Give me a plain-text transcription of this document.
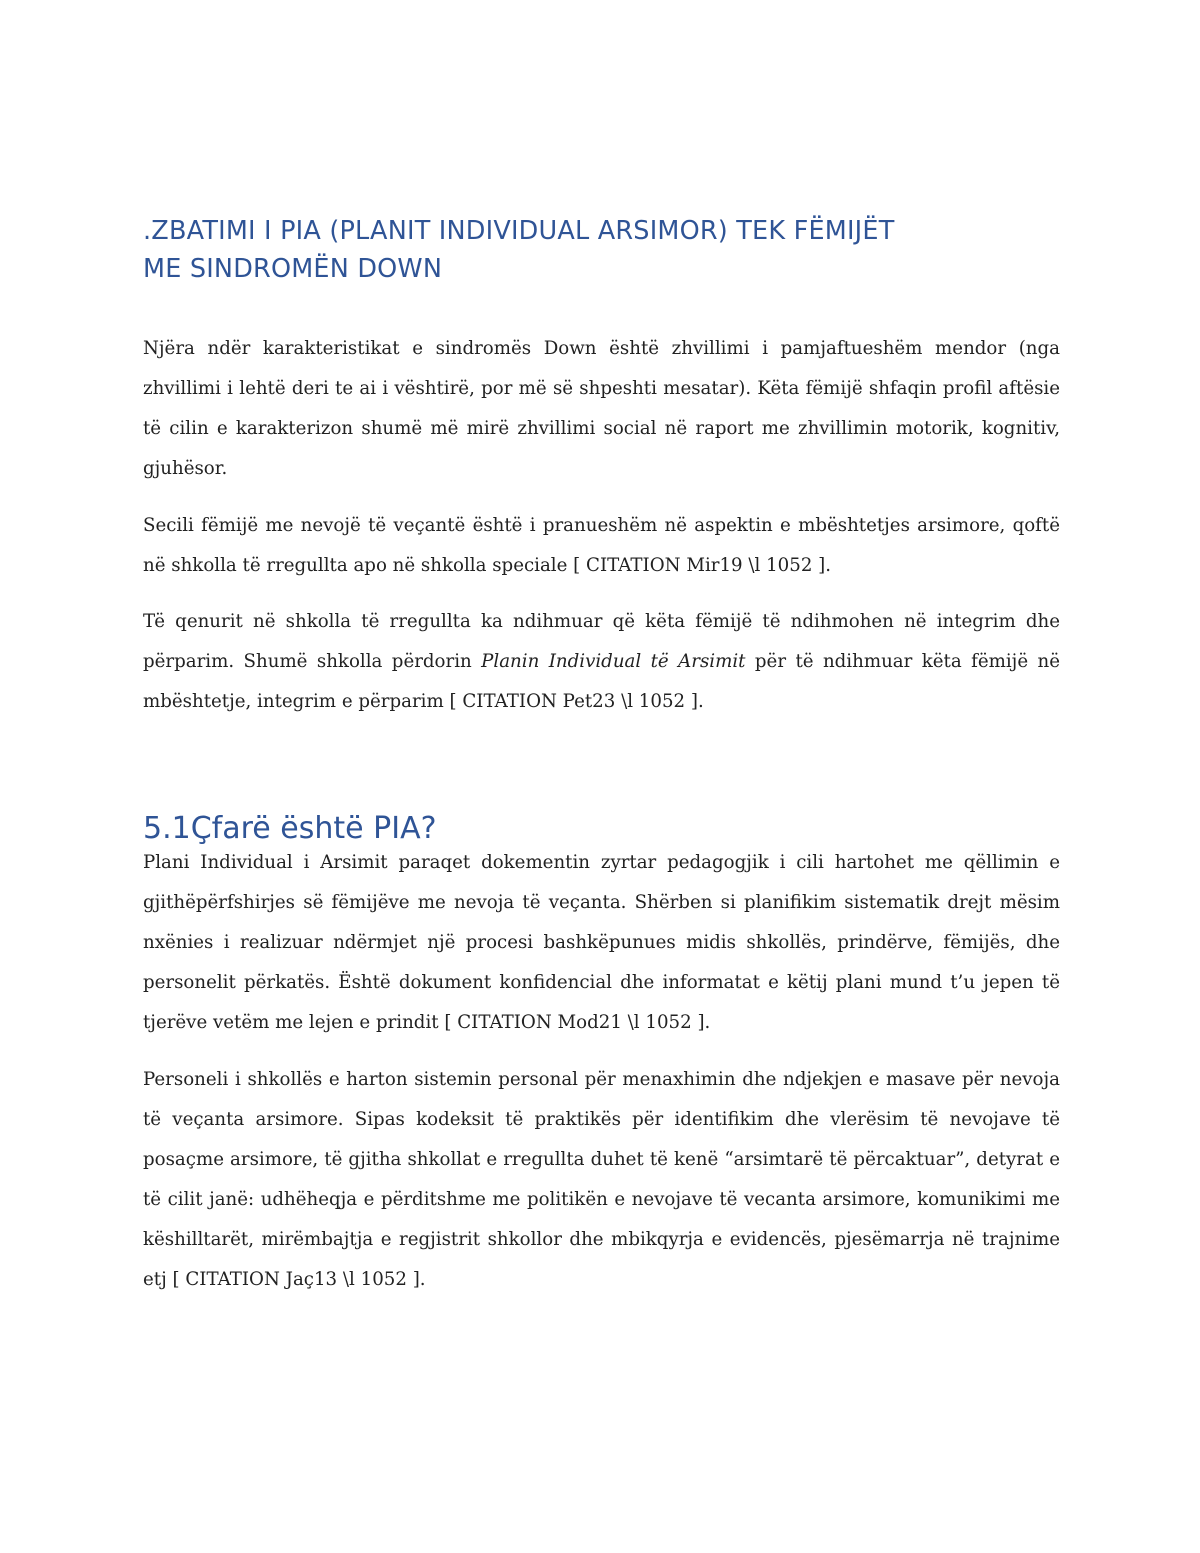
.ZBATIMI I PIA (PLANIT INDIVIDUAL ARSIMOR) TEK FËMIJËT
ME SINDROMËN DOWN

Njëra ndër karakteristikat e sindromës Down është zhvillimi i pamjaftueshëm mendor (nga zhvillimi i lehtë deri te ai i vështirë, por më së shpeshti mesatar). Këta fëmijë shfaqin profil aftësie të cilin e karakterizon shumë më mirë zhvillimi social në raport me zhvillimin motorik, kognitiv, gjuhësor.

Secili fëmijë me nevojë të veçantë është i pranueshëm në aspektin e mbështetjes arsimore, qoftë në shkolla të rregullta apo në shkolla speciale [ CITATION Mir19 \l 1052 ].

Të qenurit në shkolla të rregullta ka ndihmuar që këta fëmijë të ndihmohen në integrim dhe përparim. Shumë shkolla përdorin Planin Individual të Arsimit për të ndihmuar këta fëmijë në mbështetje, integrim e përparim [ CITATION Pet23 \l 1052 ].

5.1Çfarë është PIA?

Plani Individual i Arsimit paraqet dokementin zyrtar pedagogjik i cili hartohet me qëllimin e gjithëpërfshirjes së fëmijëve me nevoja të veçanta. Shërben si planifikim sistematik drejt mësim nxënies i realizuar ndërmjet një procesi bashkëpunues midis shkollës, prindërve, fëmijës, dhe personelit përkatës. Është dokument konfidencial dhe informatat e këtij plani mund t’u jepen të tjerëve vetëm me lejen e prindit [ CITATION Mod21 \l 1052 ].

Personeli i shkollës e harton sistemin personal për menaxhimin dhe ndjekjen e masave për nevoja të veçanta arsimore. Sipas kodeksit të praktikës për identifikim dhe vlerësim të nevojave të posaçme arsimore, të gjitha shkollat e rregullta duhet të kenë “arsimtarë të përcaktuar”, detyrat e të cilit janë: udhëheqja e përditshme me politikën e nevojave të vecanta arsimore, komunikimi me këshilltarët, mirëmbajtja e regjistrit shkollor dhe mbikqyrja e evidencës, pjesëmarrja në trajnime etj [ CITATION Jaç13 \l 1052 ].
